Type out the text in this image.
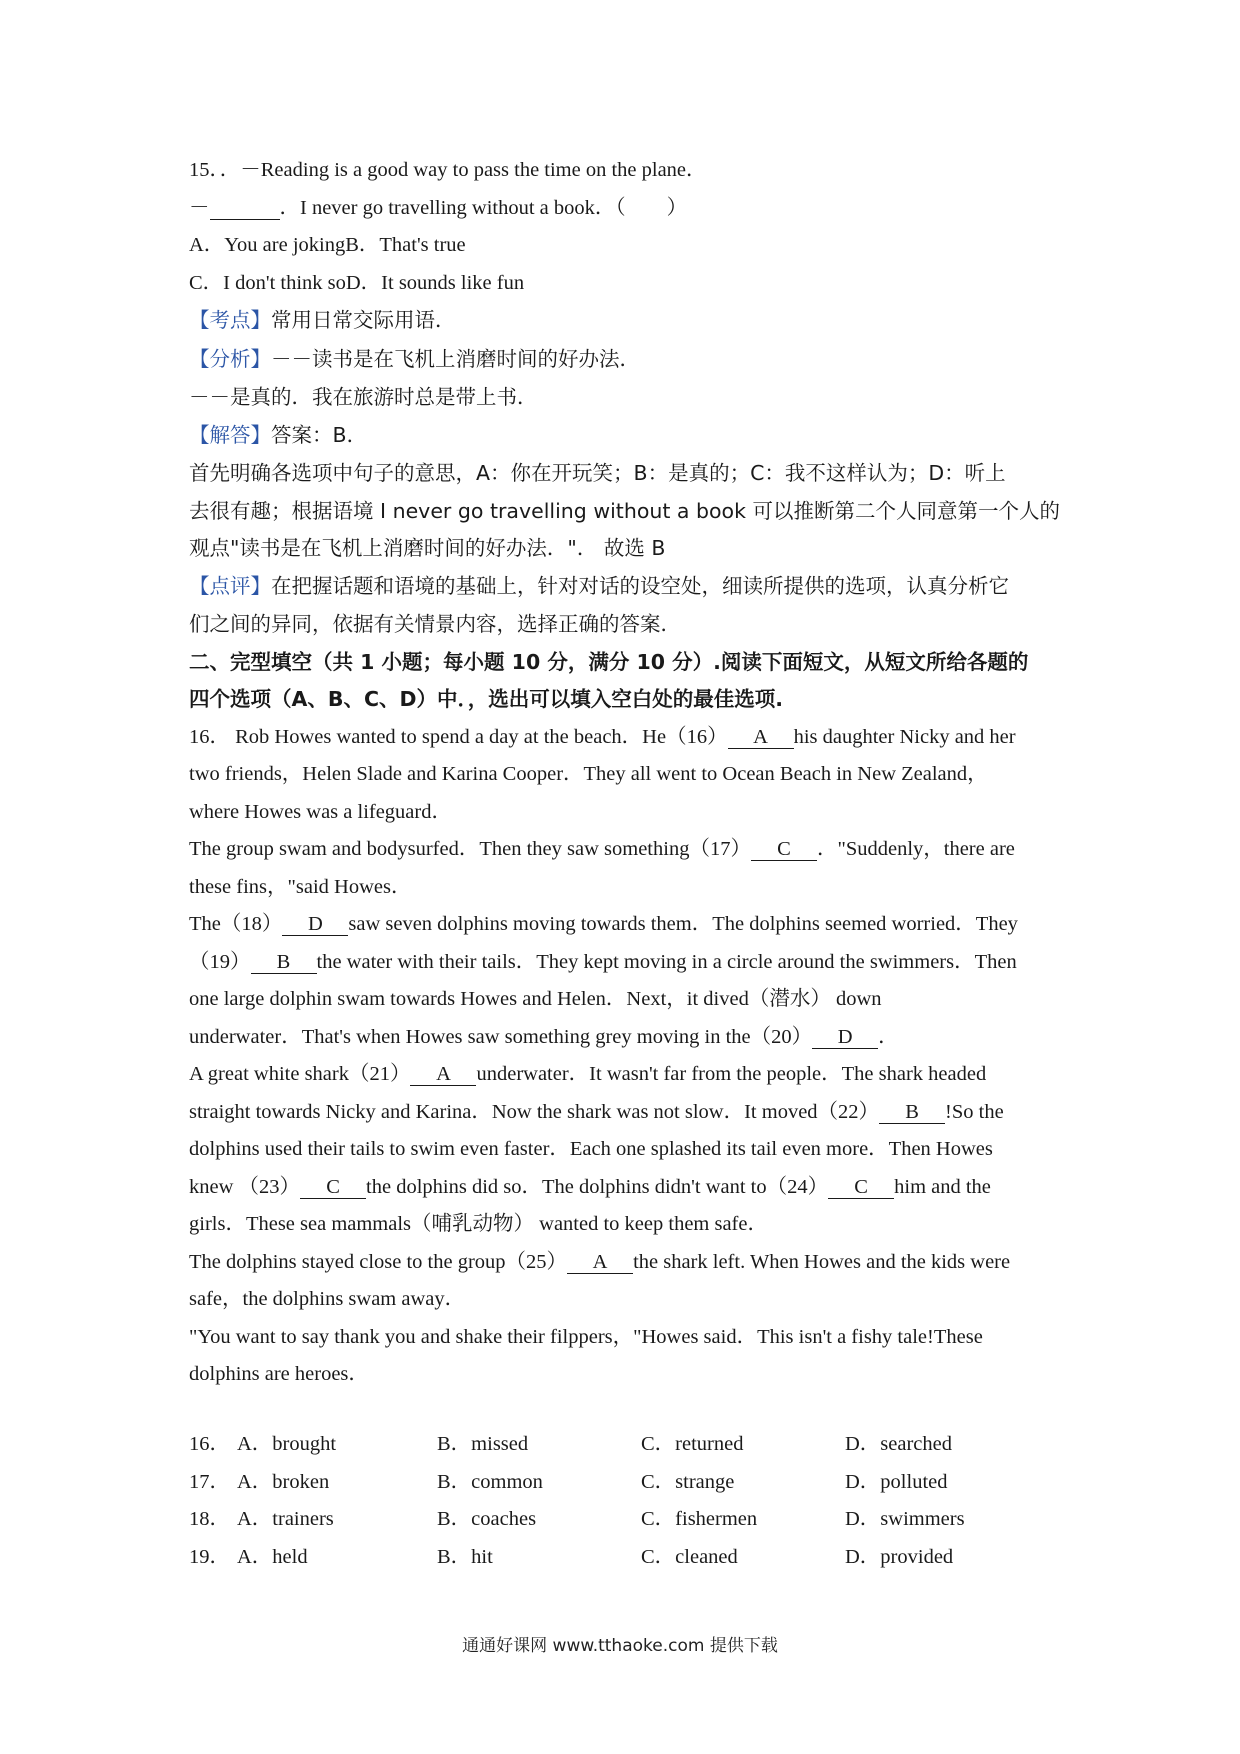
15．．－Reading is a good way to pass the time on the plane．
－	．I never go travelling without a book．（　　）
A．You are jokingB．That's true
C．I don't think soD．It sounds like fun
【考点】常用日常交际用语．
【分析】－－读书是在飞机上消磨时间的好办法．
－－是真的．我在旅游时总是带上书．
【解答】答案：B．
首先明确各选项中句子的意思，A：你在开玩笑；B：是真的；C：我不这样认为；D：听上
去很有趣；根据语境 I never go travelling without a book 可以推断第二个人同意第一个人的
观点"读书是在飞机上消磨时间的好办法．"． 故选 B
【点评】在把握话题和语境的基础上，针对对话的设空处，细读所提供的选项，认真分析它
们之间的异同，依据有关情景内容，选择正确的答案．
二、完型填空（共 1 小题；每小题 10 分，满分 10 分）.阅读下面短文，从短文所给各题的
四个选项（A、B、C、D）中．，选出可以填入空白处的最佳选项.
16． Rob Howes wanted to spend a day at the beach．He（16） A his daughter Nicky and her
two friends，Helen Slade and Karina Cooper．They all went to Ocean Beach in New Zealand，
where Howes was a lifeguard．
The group swam and bodysurfed．Then they saw something（17） C ．"Suddenly，there are
these fins，"said Howes．
The（18） D saw seven dolphins moving towards them．The dolphins seemed worried．They
（19） B the water with their tails．They kept moving in a circle around the swimmers．Then
one large dolphin swam towards Howes and Helen．Next，it dived（潜水） down
underwater．That's when Howes saw something grey moving in the（20） D ．
A great white shark（21） A underwater．It wasn't far from the people．The shark headed
straight towards Nicky and Karina．Now the shark was not slow．It moved（22） B !So the
dolphins used their tails to swim even faster．Each one splashed its tail even more．Then Howes
knew （23） C the dolphins did so．The dolphins didn't want to（24） C him and the
girls．These sea mammals（哺乳动物） wanted to keep them safe．
The dolphins stayed close to the group（25） A the shark left. When Howes and the kids were
safe，the dolphins swam away．
"You want to say thank you and shake their filppers，"Howes said．This isn't a fishy tale!These
dolphins are heroes．
16． A．brought	B．missed	C．returned	D．searched
17． A．broken	B．common	C．strange	D．polluted
18． A．trainers	B．coaches	C．fishermen	D．swimmers
19． A．held	B．hit	C．cleaned	D．provided
通通好课网 www.tthaoke.com 提供下载
